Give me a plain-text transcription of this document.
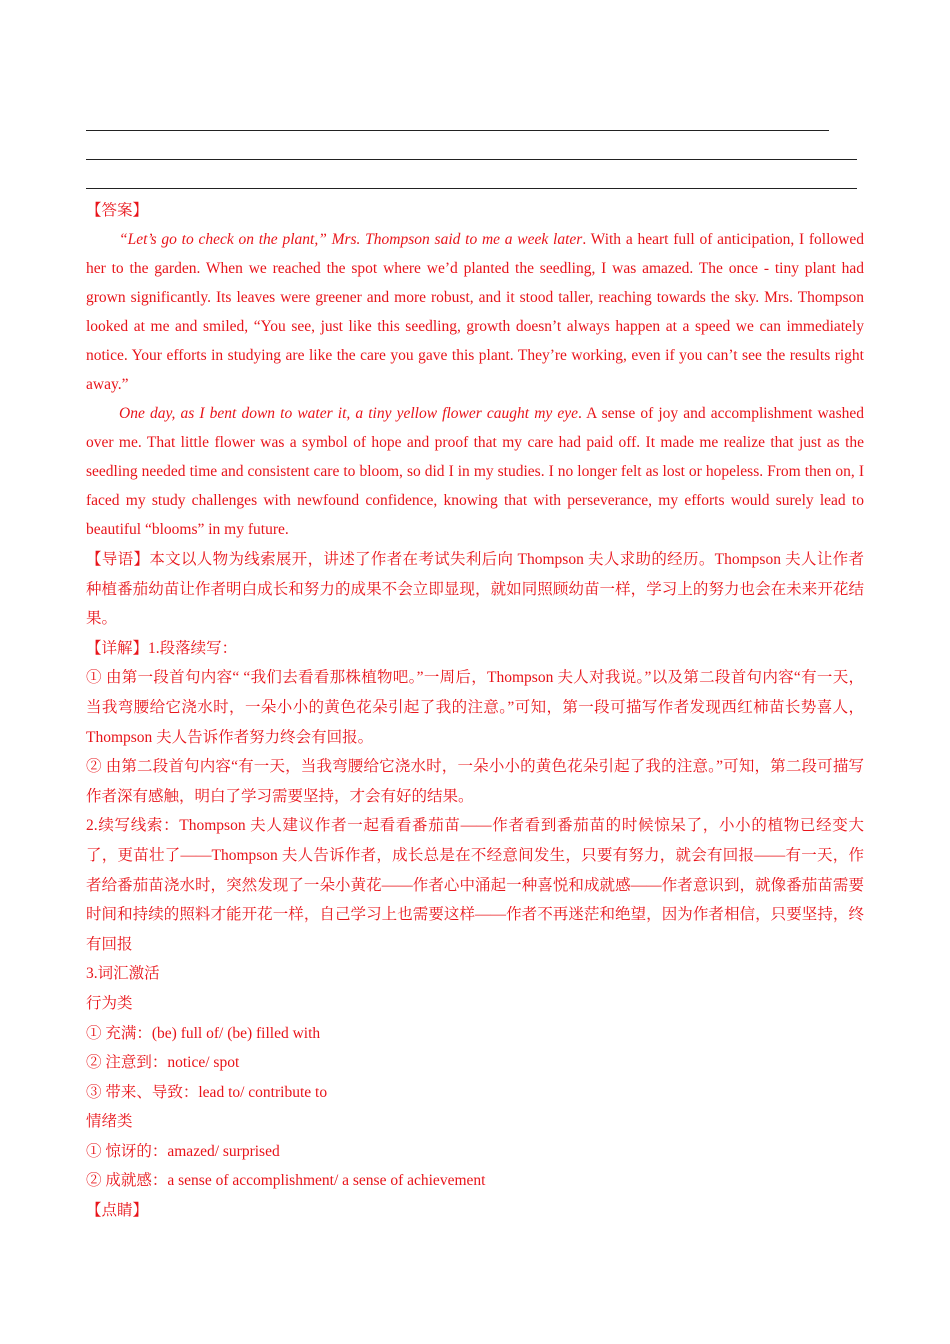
【答案】

“Let’s go to check on the plant,” Mrs. Thompson said to me a week later. With a heart full of anticipation, I followed her to the garden. When we reached the spot where we’d planted the seedling, I was amazed. The once - tiny plant had grown significantly. Its leaves were greener and more robust, and it stood taller, reaching towards the sky. Mrs. Thompson looked at me and smiled, “You see, just like this seedling, growth doesn’t always happen at a speed we can immediately notice. Your efforts in studying are like the care you gave this plant. They’re working, even if you can’t see the results right away.”

One day, as I bent down to water it, a tiny yellow flower caught my eye. A sense of joy and accomplishment washed over me. That little flower was a symbol of hope and proof that my care had paid off. It made me realize that just as the seedling needed time and consistent care to bloom, so did I in my studies. I no longer felt as lost or hopeless. From then on, I faced my study challenges with newfound confidence, knowing that with perseverance, my efforts would surely lead to beautiful “blooms” in my future.

【导语】本文以人物为线索展开，讲述了作者在考试失利后向 Thompson 夫人求助的经历。Thompson 夫人让作者种植番茄幼苗让作者明白成长和努力的成果不会立即显现，就如同照顾幼苗一样，学习上的努力也会在未来开花结果。

【详解】1.段落续写：

① 由第一段首句内容“ “我们去看看那株植物吧。”一周后，Thompson 夫人对我说。”以及第二段首句内容“有一天，当我弯腰给它浇水时，一朵小小的黄色花朵引起了我的注意。”可知，第一段可描写作者发现西红柿苗长势喜人，Thompson 夫人告诉作者努力终会有回报。

② 由第二段首句内容“有一天，当我弯腰给它浇水时，一朵小小的黄色花朵引起了我的注意。”可知，第二段可描写作者深有感触，明白了学习需要坚持，才会有好的结果。

2.续写线索：Thompson 夫人建议作者一起看看番茄苗——作者看到番茄苗的时候惊呆了，小小的植物已经变大了，更苗壮了——Thompson 夫人告诉作者，成长总是在不经意间发生，只要有努力，就会有回报——有一天，作者给番茄苗浇水时，突然发现了一朵小黄花——作者心中涌起一种喜悦和成就感——作者意识到，就像番茄苗需要时间和持续的照料才能开花一样，自己学习上也需要这样——作者不再迷茫和绝望，因为作者相信，只要坚持，终有回报

3.词汇激活

行为类

① 充满：(be) full of/ (be) filled with

② 注意到：notice/ spot

③ 带来、导致：lead to/ contribute to

情绪类

① 惊讶的：amazed/ surprised

② 成就感：a sense of accomplishment/ a sense of achievement

【点睛】
